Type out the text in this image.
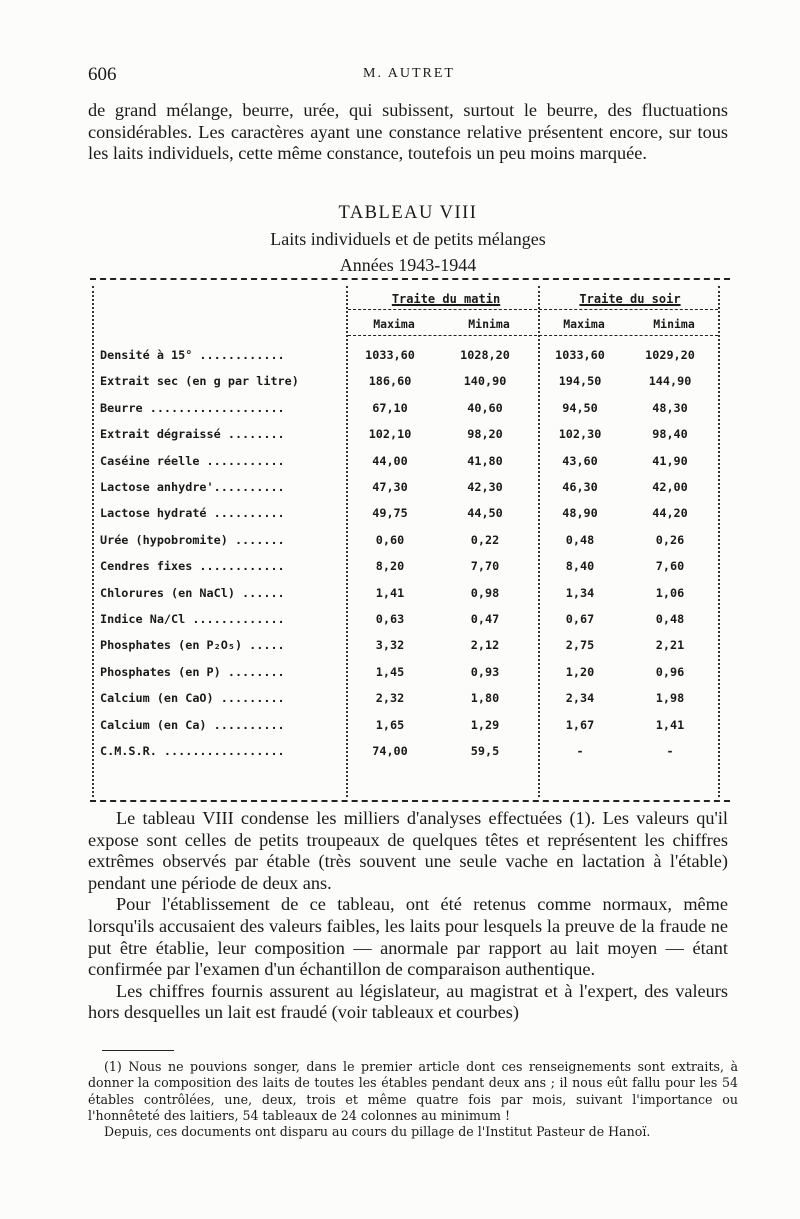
606	M. AUTRET
de grand mélange, beurre, urée, qui subissent, surtout le beurre, des fluctuations considérables. Les caractères ayant une constance relative présentent encore, sur tous les laits individuels, cette même constance, toutefois un peu moins marquée.
TABLEAU VIII
Laits individuels et de petits mélanges
Années 1943-1944
Traite du matin	Traite du soir
Maxima	Minima	Maxima	Minima
Densité à 15° ............	1033,60	1028,20	1033,60	1029,20
Extrait sec (en g par litre)	186,60	140,90	194,50	144,90
Beurre ...................	67,10	40,60	94,50	48,30
Extrait dégraissé ........	102,10	98,20	102,30	98,40
Caséine réelle ...........	44,00	41,80	43,60	41,90
Lactose anhydre'..........	47,30	42,30	46,30	42,00
Lactose hydraté ..........	49,75	44,50	48,90	44,20
Urée (hypobromite) .......	0,60	0,22	0,48	0,26
Cendres fixes ............	8,20	7,70	8,40	7,60
Chlorures (en NaCl) ......	1,41	0,98	1,34	1,06
Indice Na/Cl .............	0,63	0,47	0,67	0,48
Phosphates (en P₂O₅) .....	3,32	2,12	2,75	2,21
Phosphates (en P) ........	1,45	0,93	1,20	0,96
Calcium (en CaO) .........	2,32	1,80	2,34	1,98
Calcium (en Ca) ..........	1,65	1,29	1,67	1,41
C.M.S.R. .................	74,00	59,5	-	-
Le tableau VIII condense les milliers d'analyses effectuées (1). Les valeurs qu'il expose sont celles de petits troupeaux de quelques têtes et représentent les chiffres extrêmes observés par étable (très souvent une seule vache en lactation à l'étable) pendant une période de deux ans.
Pour l'établissement de ce tableau, ont été retenus comme normaux, même lorsqu'ils accusaient des valeurs faibles, les laits pour lesquels la preuve de la fraude ne put être établie, leur composition — anormale par rapport au lait moyen — étant confirmée par l'examen d'un échantillon de comparaison authentique.
Les chiffres fournis assurent au législateur, au magistrat et à l'expert, des valeurs hors desquelles un lait est fraudé (voir tableaux et courbes)
(1) Nous ne pouvions songer, dans le premier article dont ces renseignements sont extraits, à donner la composition des laits de toutes les étables pendant deux ans ; il nous eût fallu pour les 54 étables contrôlées, une, deux, trois et même quatre fois par mois, suivant l'importance ou l'honnêteté des laitiers, 54 tableaux de 24 colonnes au minimum !
Depuis, ces documents ont disparu au cours du pillage de l'Institut Pasteur de Hanoï.
